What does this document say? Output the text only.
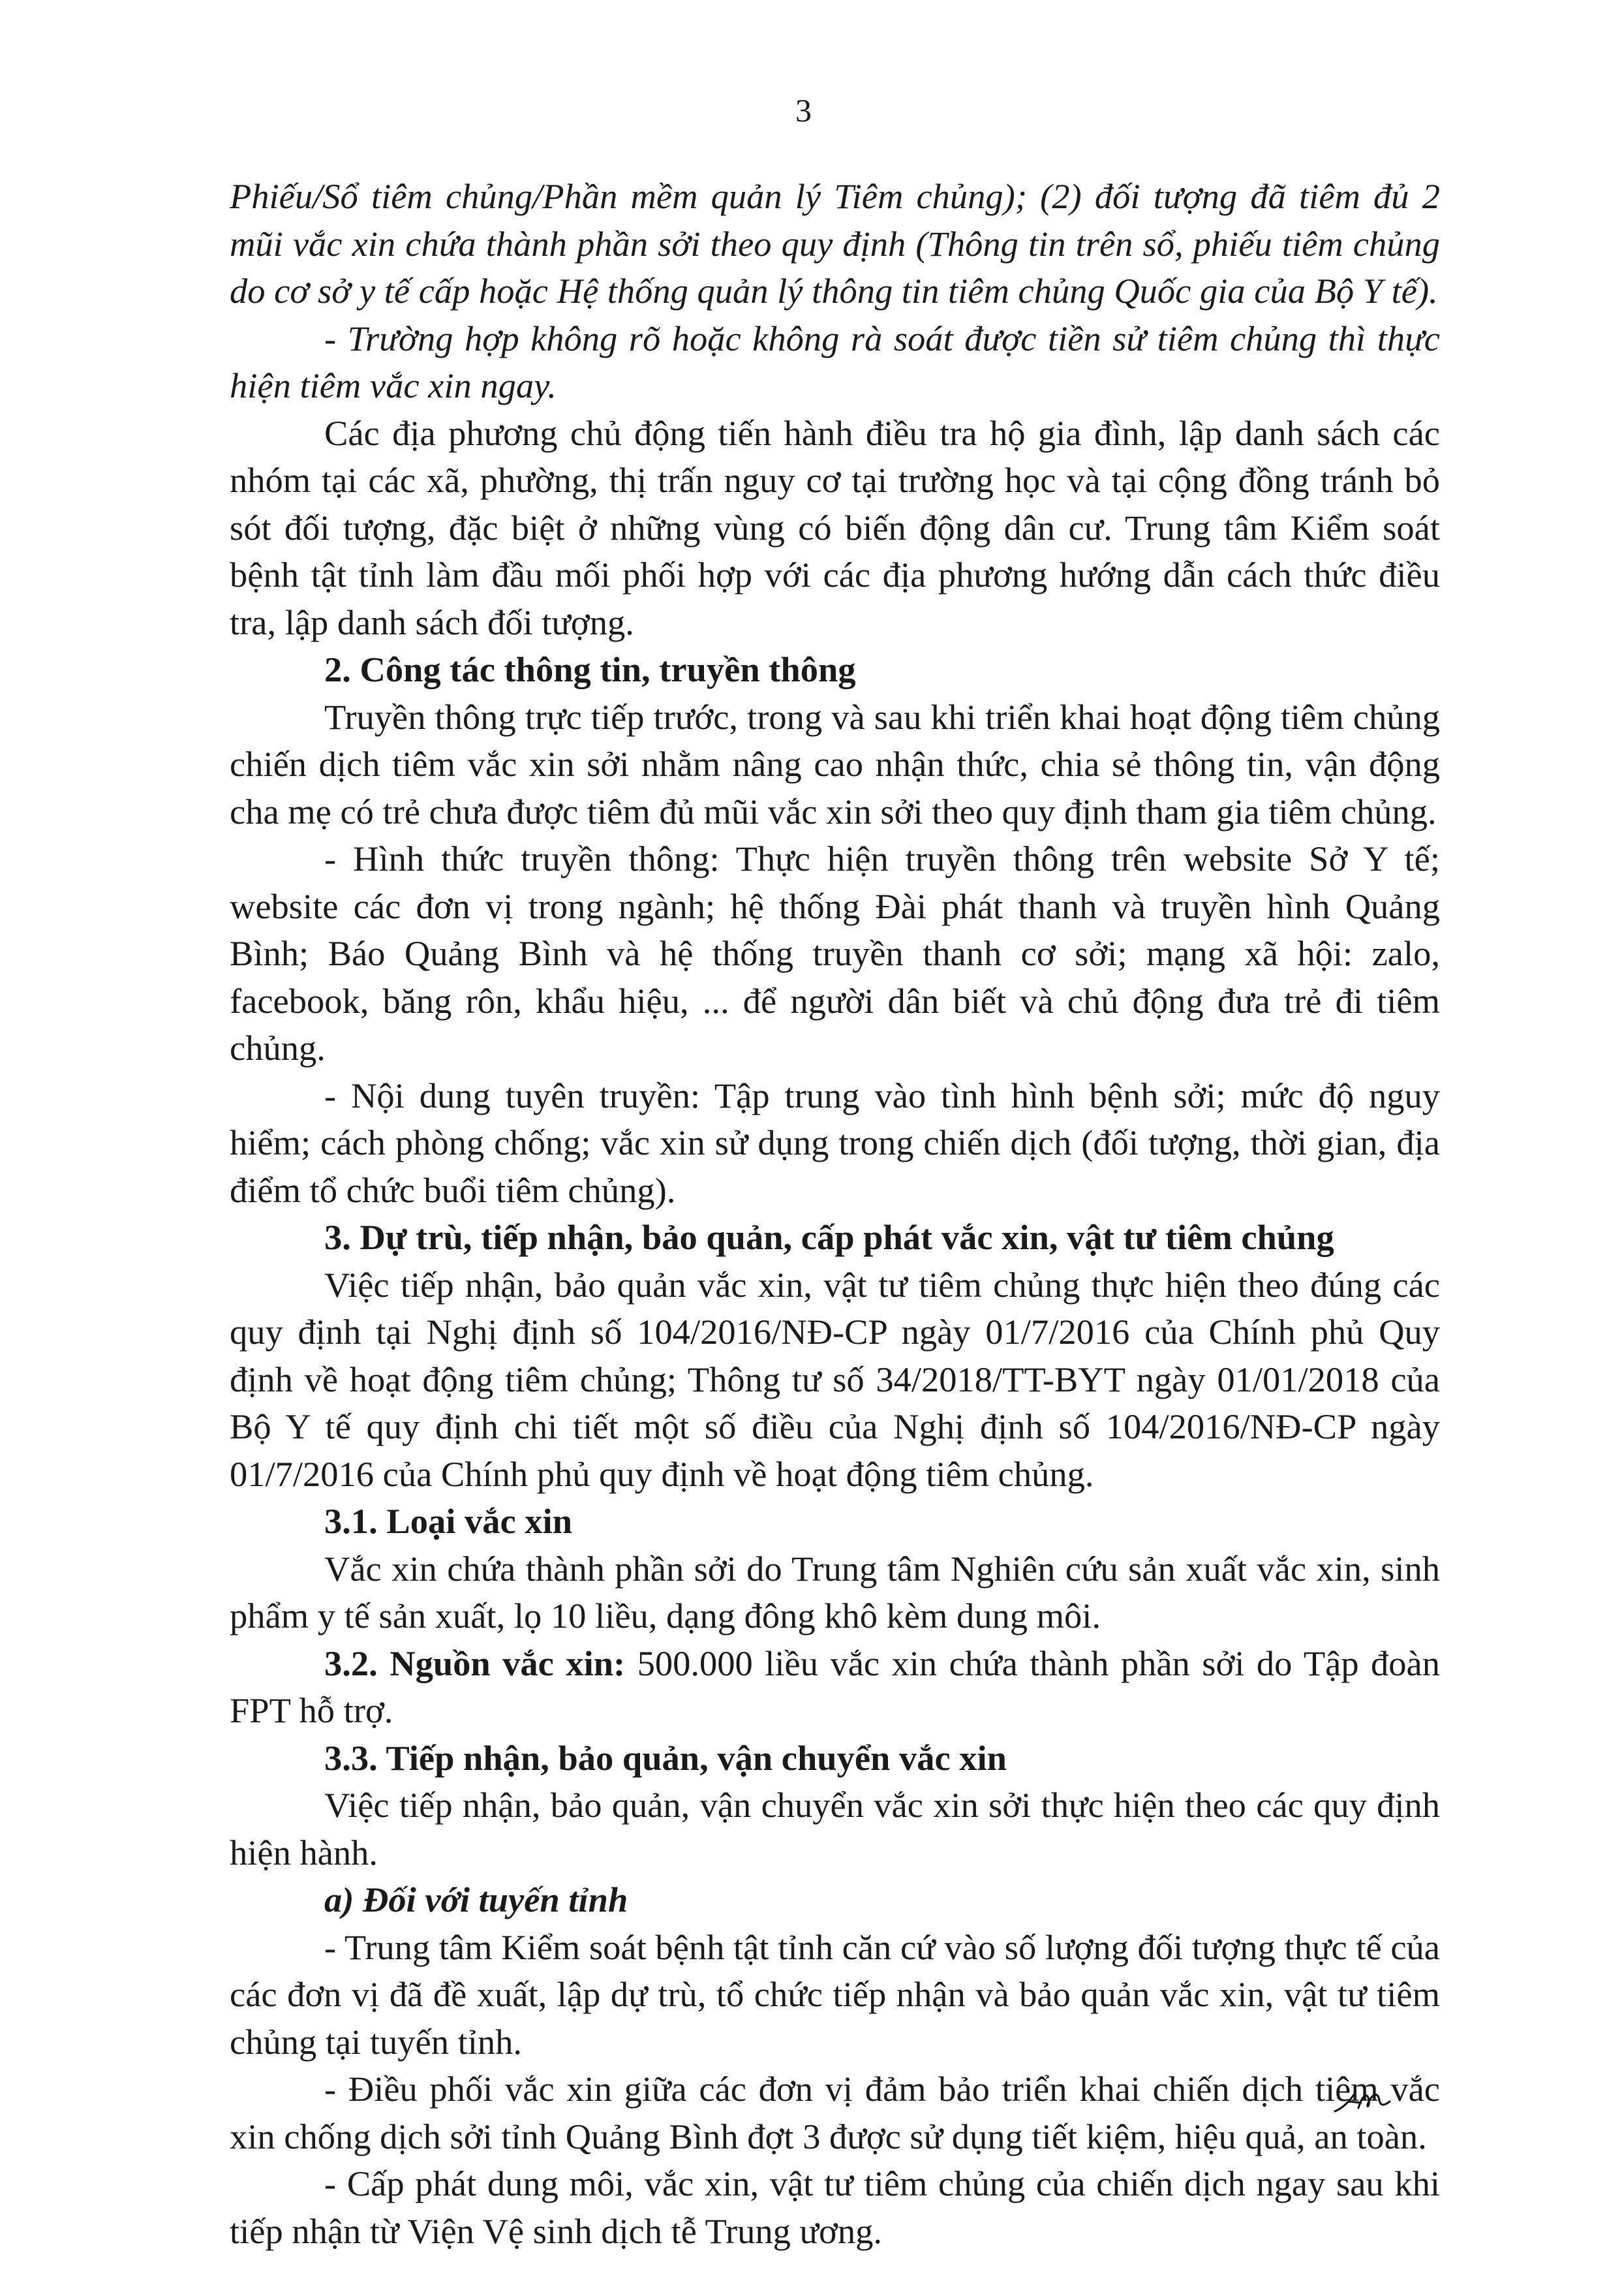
3

Phiếu/Sổ tiêm chủng/Phần mềm quản lý Tiêm chủng); (2) đối tượng đã tiêm đủ 2 mũi vắc xin chứa thành phần sởi theo quy định (Thông tin trên sổ, phiếu tiêm chủng do cơ sở y tế cấp hoặc Hệ thống quản lý thông tin tiêm chủng Quốc gia của Bộ Y tế).

- Trường hợp không rõ hoặc không rà soát được tiền sử tiêm chủng thì thực hiện tiêm vắc xin ngay.

Các địa phương chủ động tiến hành điều tra hộ gia đình, lập danh sách các nhóm tại các xã, phường, thị trấn nguy cơ tại trường học và tại cộng đồng tránh bỏ sót đối tượng, đặc biệt ở những vùng có biến động dân cư. Trung tâm Kiểm soát bệnh tật tỉnh làm đầu mối phối hợp với các địa phương hướng dẫn cách thức điều tra, lập danh sách đối tượng.

2. Công tác thông tin, truyền thông

Truyền thông trực tiếp trước, trong và sau khi triển khai hoạt động tiêm chủng chiến dịch tiêm vắc xin sởi nhằm nâng cao nhận thức, chia sẻ thông tin, vận động cha mẹ có trẻ chưa được tiêm đủ mũi vắc xin sởi theo quy định tham gia tiêm chủng.

- Hình thức truyền thông: Thực hiện truyền thông trên website Sở Y tế; website các đơn vị trong ngành; hệ thống Đài phát thanh và truyền hình Quảng Bình; Báo Quảng Bình và hệ thống truyền thanh cơ sởi; mạng xã hội: zalo, facebook, băng rôn, khẩu hiệu, ... để người dân biết và chủ động đưa trẻ đi tiêm chủng.

- Nội dung tuyên truyền: Tập trung vào tình hình bệnh sởi; mức độ nguy hiểm; cách phòng chống; vắc xin sử dụng trong chiến dịch (đối tượng, thời gian, địa điểm tổ chức buổi tiêm chủng).

3. Dự trù, tiếp nhận, bảo quản, cấp phát vắc xin, vật tư tiêm chủng

Việc tiếp nhận, bảo quản vắc xin, vật tư tiêm chủng thực hiện theo đúng các quy định tại Nghị định số 104/2016/NĐ-CP ngày 01/7/2016 của Chính phủ Quy định về hoạt động tiêm chủng; Thông tư số 34/2018/TT-BYT ngày 01/01/2018 của Bộ Y tế quy định chi tiết một số điều của Nghị định số 104/2016/NĐ-CP ngày 01/7/2016 của Chính phủ quy định về hoạt động tiêm chủng.

3.1. Loại vắc xin

Vắc xin chứa thành phần sởi do Trung tâm Nghiên cứu sản xuất vắc xin, sinh phẩm y tế sản xuất, lọ 10 liều, dạng đông khô kèm dung môi.

3.2. Nguồn vắc xin: 500.000 liều vắc xin chứa thành phần sởi do Tập đoàn FPT hỗ trợ.

3.3. Tiếp nhận, bảo quản, vận chuyển vắc xin

Việc tiếp nhận, bảo quản, vận chuyển vắc xin sởi thực hiện theo các quy định hiện hành.

a) Đối với tuyến tỉnh

- Trung tâm Kiểm soát bệnh tật tỉnh căn cứ vào số lượng đối tượng thực tế của các đơn vị đã đề xuất, lập dự trù, tổ chức tiếp nhận và bảo quản vắc xin, vật tư tiêm chủng tại tuyến tỉnh.

- Điều phối vắc xin giữa các đơn vị đảm bảo triển khai chiến dịch tiêm vắc xin chống dịch sởi tỉnh Quảng Bình đợt 3 được sử dụng tiết kiệm, hiệu quả, an toàn.

- Cấp phát dung môi, vắc xin, vật tư tiêm chủng của chiến dịch ngay sau khi tiếp nhận từ Viện Vệ sinh dịch tễ Trung ương.
